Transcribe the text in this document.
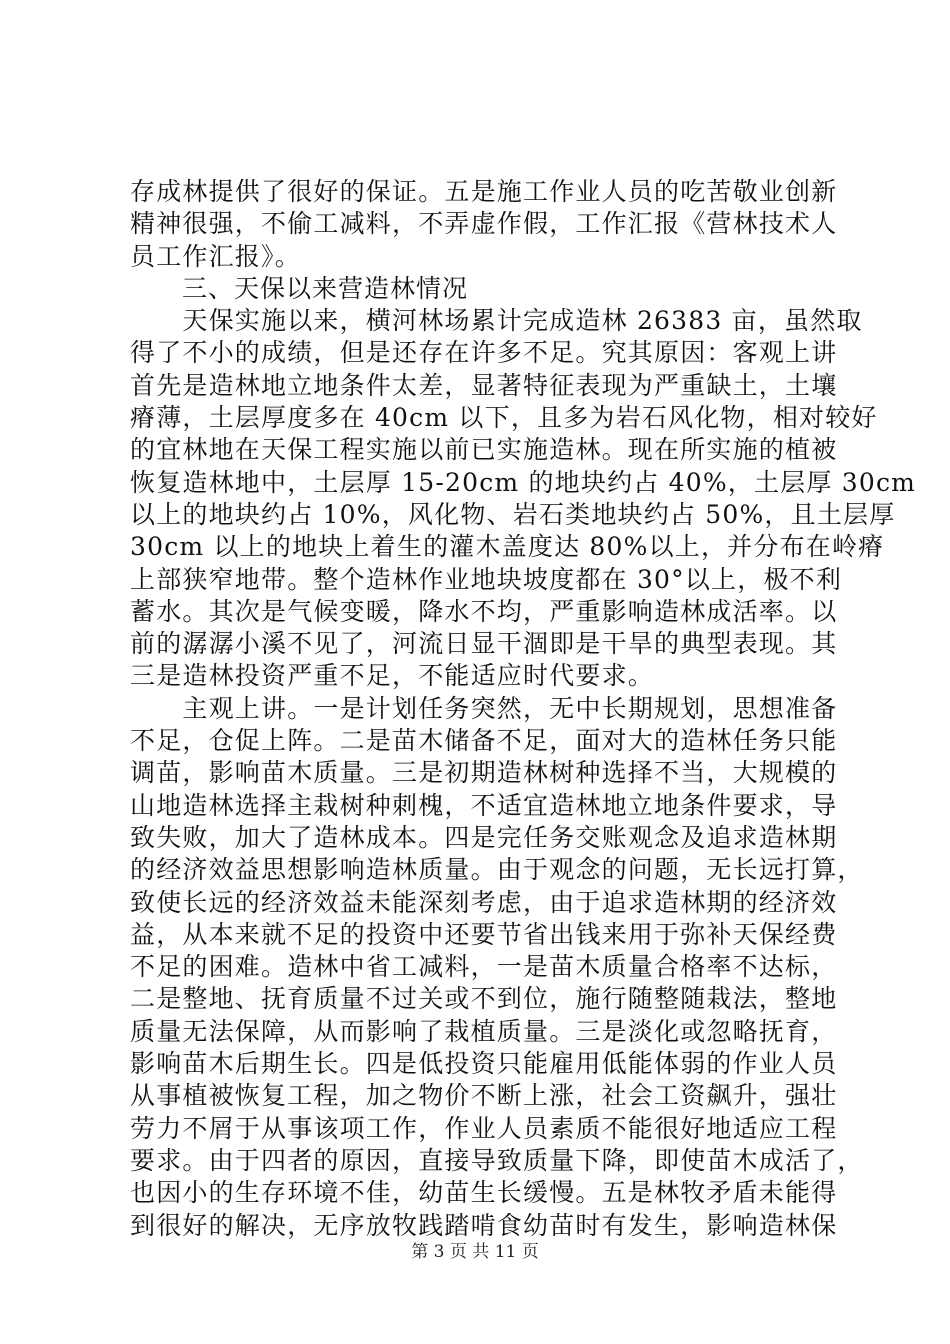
存成林提供了很好的保证。五是施工作业人员的吃苦敬业创新
精神很强，不偷工减料，不弄虚作假，工作汇报《营林技术人
员工作汇报》。
　　三、天保以来营造林情况
　　天保实施以来，横河林场累计完成造林 26383 亩，虽然取
得了不小的成绩，但是还存在许多不足。究其原因：客观上讲
首先是造林地立地条件太差，显著特征表现为严重缺土，土壤
瘠薄，土层厚度多在 40cm 以下，且多为岩石风化物，相对较好
的宜林地在天保工程实施以前已实施造林。现在所实施的植被
恢复造林地中，土层厚 15-20cm 的地块约占 40%，土层厚 30cm
以上的地块约占 10%，风化物、岩石类地块约占 50%，且土层厚
30cm 以上的地块上着生的灌木盖度达 80%以上，并分布在岭瘠
上部狭窄地带。整个造林作业地块坡度都在 30°以上，极不利
蓄水。其次是气候变暖，降水不均，严重影响造林成活率。以
前的潺潺小溪不见了，河流日显干涸即是干旱的典型表现。其
三是造林投资严重不足，不能适应时代要求。
　　主观上讲。一是计划任务突然，无中长期规划，思想准备
不足，仓促上阵。二是苗木储备不足，面对大的造林任务只能
调苗，影响苗木质量。三是初期造林树种选择不当，大规模的
山地造林选择主栽树种刺槐，不适宜造林地立地条件要求，导
致失败，加大了造林成本。四是完任务交账观念及追求造林期
的经济效益思想影响造林质量。由于观念的问题，无长远打算，
致使长远的经济效益未能深刻考虑，由于追求造林期的经济效
益，从本来就不足的投资中还要节省出钱来用于弥补天保经费
不足的困难。造林中省工减料，一是苗木质量合格率不达标，
二是整地、抚育质量不过关或不到位，施行随整随栽法，整地
质量无法保障，从而影响了栽植质量。三是淡化或忽略抚育，
影响苗木后期生长。四是低投资只能雇用低能体弱的作业人员
从事植被恢复工程，加之物价不断上涨，社会工资飙升，强壮
劳力不屑于从事该项工作，作业人员素质不能很好地适应工程
要求。由于四者的原因，直接导致质量下降，即使苗木成活了，
也因小的生存环境不佳，幼苗生长缓慢。五是林牧矛盾未能得
到很好的解决，无序放牧践踏啃食幼苗时有发生，影响造林保
第 3 页 共 11 页
